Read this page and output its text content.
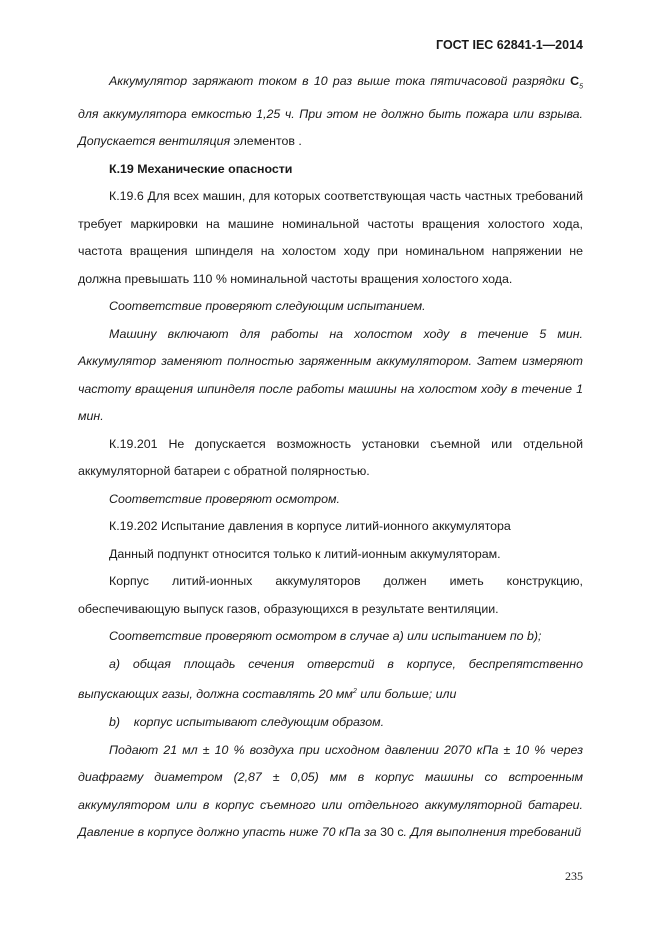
ГОСТ IEC 62841-1—2014

Аккумулятор заряжают током в 10 раз выше тока пятичасовой разрядки $C_5$ для аккумулятора емкостью 1,25 ч. При этом не должно быть пожара или взрыва. Допускается вентиляция элементов .

К.19 Механические опасности

К.19.6 Для всех машин, для которых соответствующая часть частных требований требует маркировки на машине номинальной частоты вращения холостого хода, частота вращения шпинделя на холостом ходу при номинальном напряжении не должна превышать 110 % номинальной частоты вращения холостого хода.

Соответствие проверяют следующим испытанием.

Машину включают для работы на холостом ходу в течение 5 мин. Аккумулятор заменяют полностью заряженным аккумулятором. Затем измеряют частоту вращения шпинделя после работы машины на холостом ходу в течение 1 мин.

К.19.201 Не допускается возможность установки съемной или отдельной аккумуляторной батареи с обратной полярностью.

Соответствие проверяют осмотром.

К.19.202 Испытание давления в корпусе литий-ионного аккумулятора

Данный подпункт относится только к литий-ионным аккумуляторам.

Корпус литий-ионных аккумуляторов должен иметь конструкцию,

обеспечивающую выпуск газов, образующихся в результате вентиляции.

Соответствие проверяют осмотром в случае a) или испытанием по b);

a) общая площадь сечения отверстий в корпусе, беспрепятственно выпускающих газы, должна составлять 20 $мм^2$ или больше; или

b)    корпус испытывают следующим образом.

Подают 21 мл ± 10 % воздуха при исходном давлении 2070 кПа ± 10 % через диафрагму диаметром (2,87 ± 0,05) мм в корпус машины со встроенным аккумулятором или в корпус съемного или отдельного аккумуляторной батареи. Давление в корпусе должно упасть ниже 70 кПа за 30 с. Для выполнения требований

235
